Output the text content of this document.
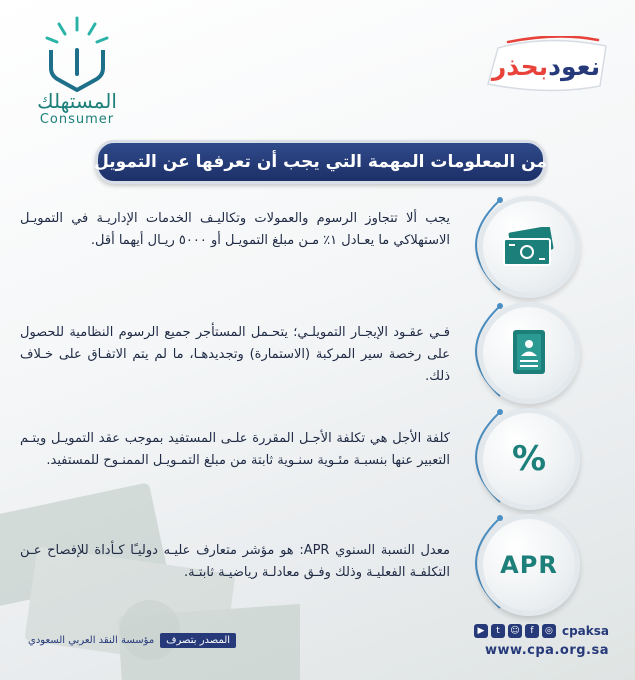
المستهلك
Consumer
نعود
بحذر
من المعلومات المهمة التي يجب أن تعرفها عن التمويل
يجب ألا تتجاوز الرسوم والعمولات وتكاليـف الخدمات الإداريـة في التمويـل الاستهلاكي ما يعـادل ١٪ مـن مبلغ التمويـل أو ٥٠٠٠ ريـال أيهما أقل.
فـي عقـود الإيجـار التمويلـي؛ يتحـمل المستأجر جميع الرسوم النظامية للحصول على رخصة سير المركبة (الاستمارة) وتجديدهـا، ما لم يتم الاتفـاق على خـلاف ذلك.
%
كلفة الأجل هي تكلفة الأجـل المقررة علـى المستفيد بموجب عقد التمويـل ويتـم التعبير عنها بنسبـة مئـوية سنـوية ثابتة من مبلغ التمـويـل الممنـوح للمستفيد.
APR
معدل النسبة السنوي APR: هو مؤشر متعارف عليـه دوليـًا كـأداة للإفصاح عـن التكلفـة الفعليـة وذلك وفـق معادلـة رياضيـة ثابتـة.
المصدر بتصرف
مؤسسة النقد العربي السعودي
▶	t	☺	f	◎ cpaksa
www.cpa.org.sa
